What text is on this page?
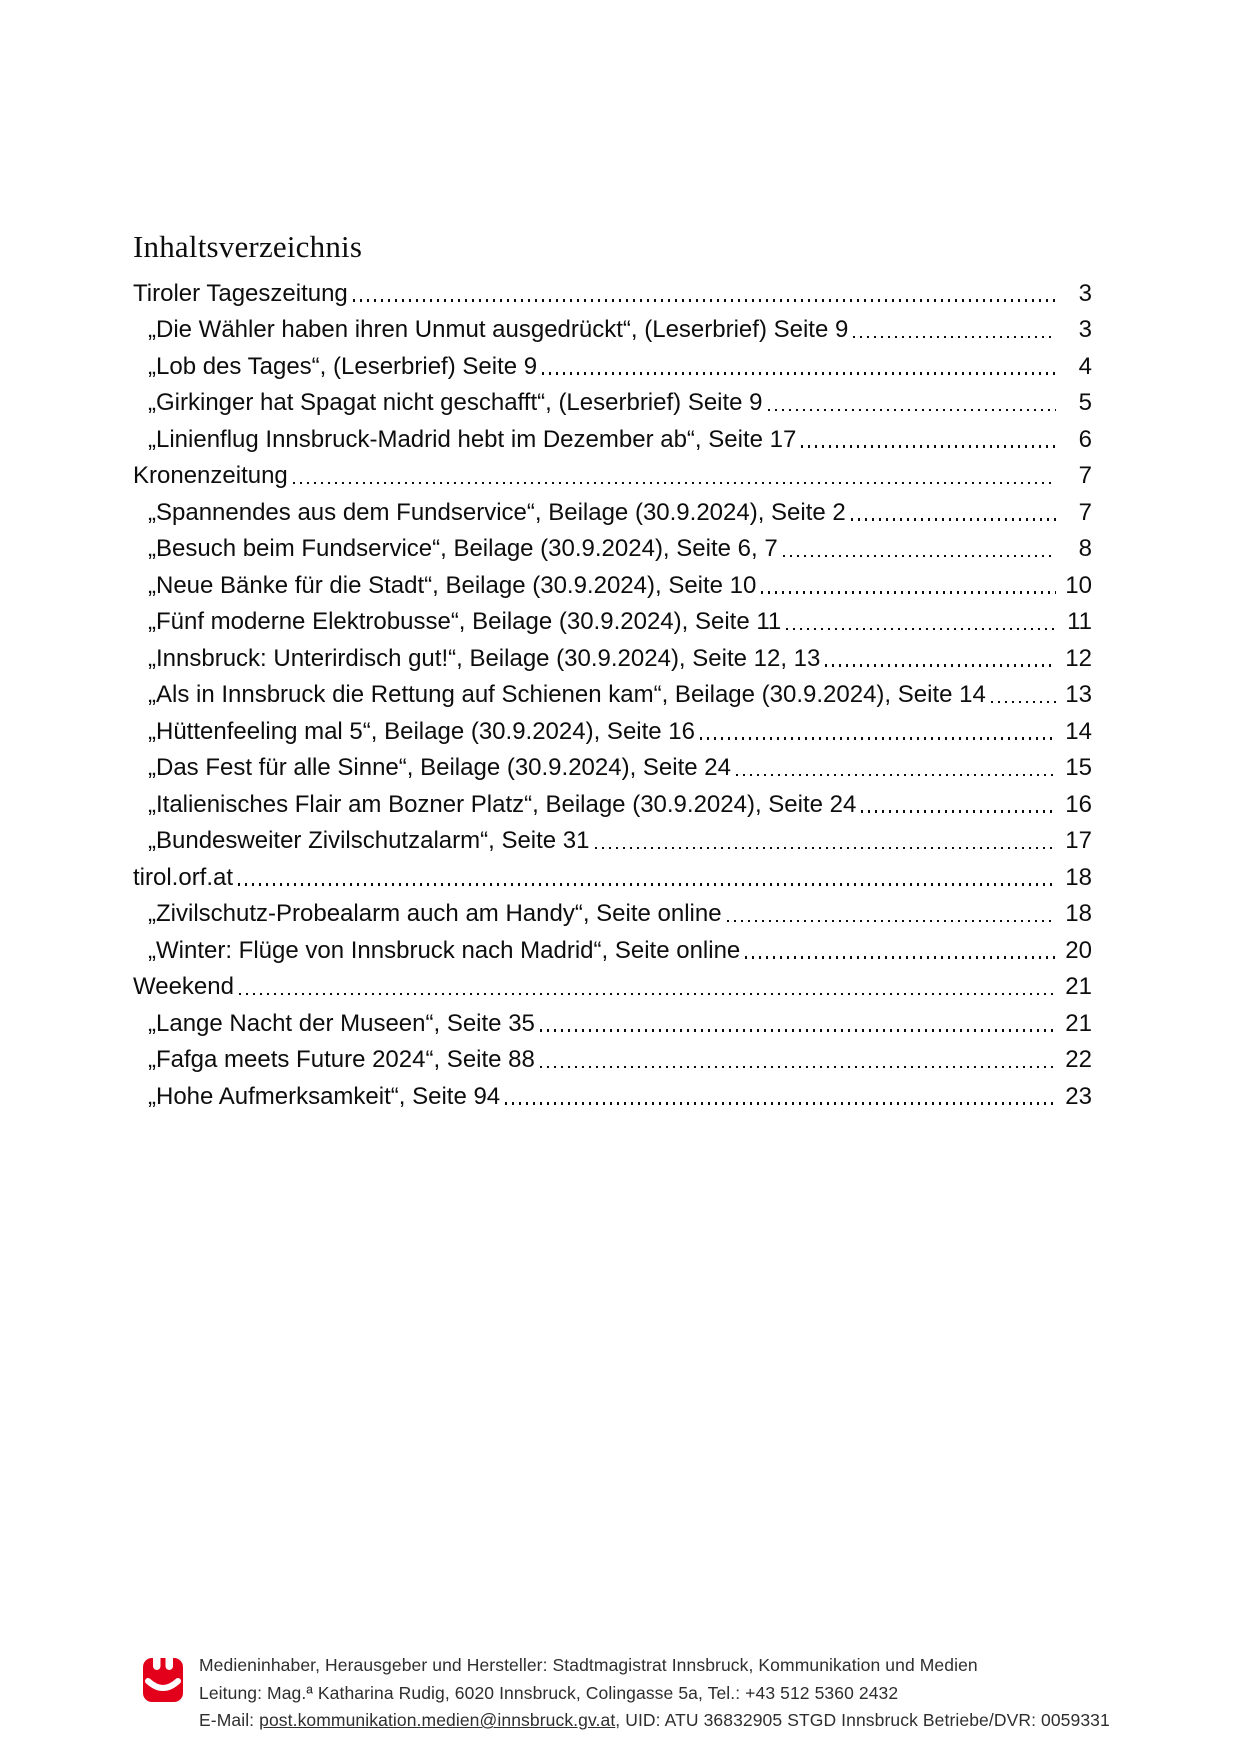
Inhaltsverzeichnis
Tiroler Tageszeitung	3
„Die Wähler haben ihren Unmut ausgedrückt“, (Leserbrief) Seite 9	3
„Lob des Tages“, (Leserbrief) Seite 9	4
„Girkinger hat Spagat nicht geschafft“, (Leserbrief) Seite 9	5
„Linienflug Innsbruck-Madrid hebt im Dezember ab“, Seite 17	6
Kronenzeitung	7
„Spannendes aus dem Fundservice“, Beilage (30.9.2024), Seite 2	7
„Besuch beim Fundservice“, Beilage (30.9.2024), Seite 6, 7	8
„Neue Bänke für die Stadt“, Beilage (30.9.2024), Seite 10	10
„Fünf moderne Elektrobusse“, Beilage (30.9.2024), Seite 11	11
„Innsbruck: Unterirdisch gut!“, Beilage (30.9.2024), Seite 12, 13	12
„Als in Innsbruck die Rettung auf Schienen kam“, Beilage (30.9.2024), Seite 14	13
„Hüttenfeeling mal 5“, Beilage (30.9.2024), Seite 16	14
„Das Fest für alle Sinne“, Beilage (30.9.2024), Seite 24	15
„Italienisches Flair am Bozner Platz“, Beilage (30.9.2024), Seite 24	16
„Bundesweiter Zivilschutzalarm“, Seite 31	17
tirol.orf.at	18
„Zivilschutz-Probealarm auch am Handy“, Seite online	18
„Winter: Flüge von Innsbruck nach Madrid“, Seite online	20
Weekend	21
„Lange Nacht der Museen“, Seite 35	21
„Fafga meets Future 2024“, Seite 88	22
„Hohe Aufmerksamkeit“, Seite 94	23
Medieninhaber, Herausgeber und Hersteller: Stadtmagistrat Innsbruck, Kommunikation und Medien
Leitung: Mag.ª Katharina Rudig, 6020 Innsbruck, Colingasse 5a, Tel.: +43 512 5360 2432
E-Mail: post.kommunikation.medien@innsbruck.gv.at, UID: ATU 36832905 STGD Innsbruck Betriebe/DVR: 0059331
